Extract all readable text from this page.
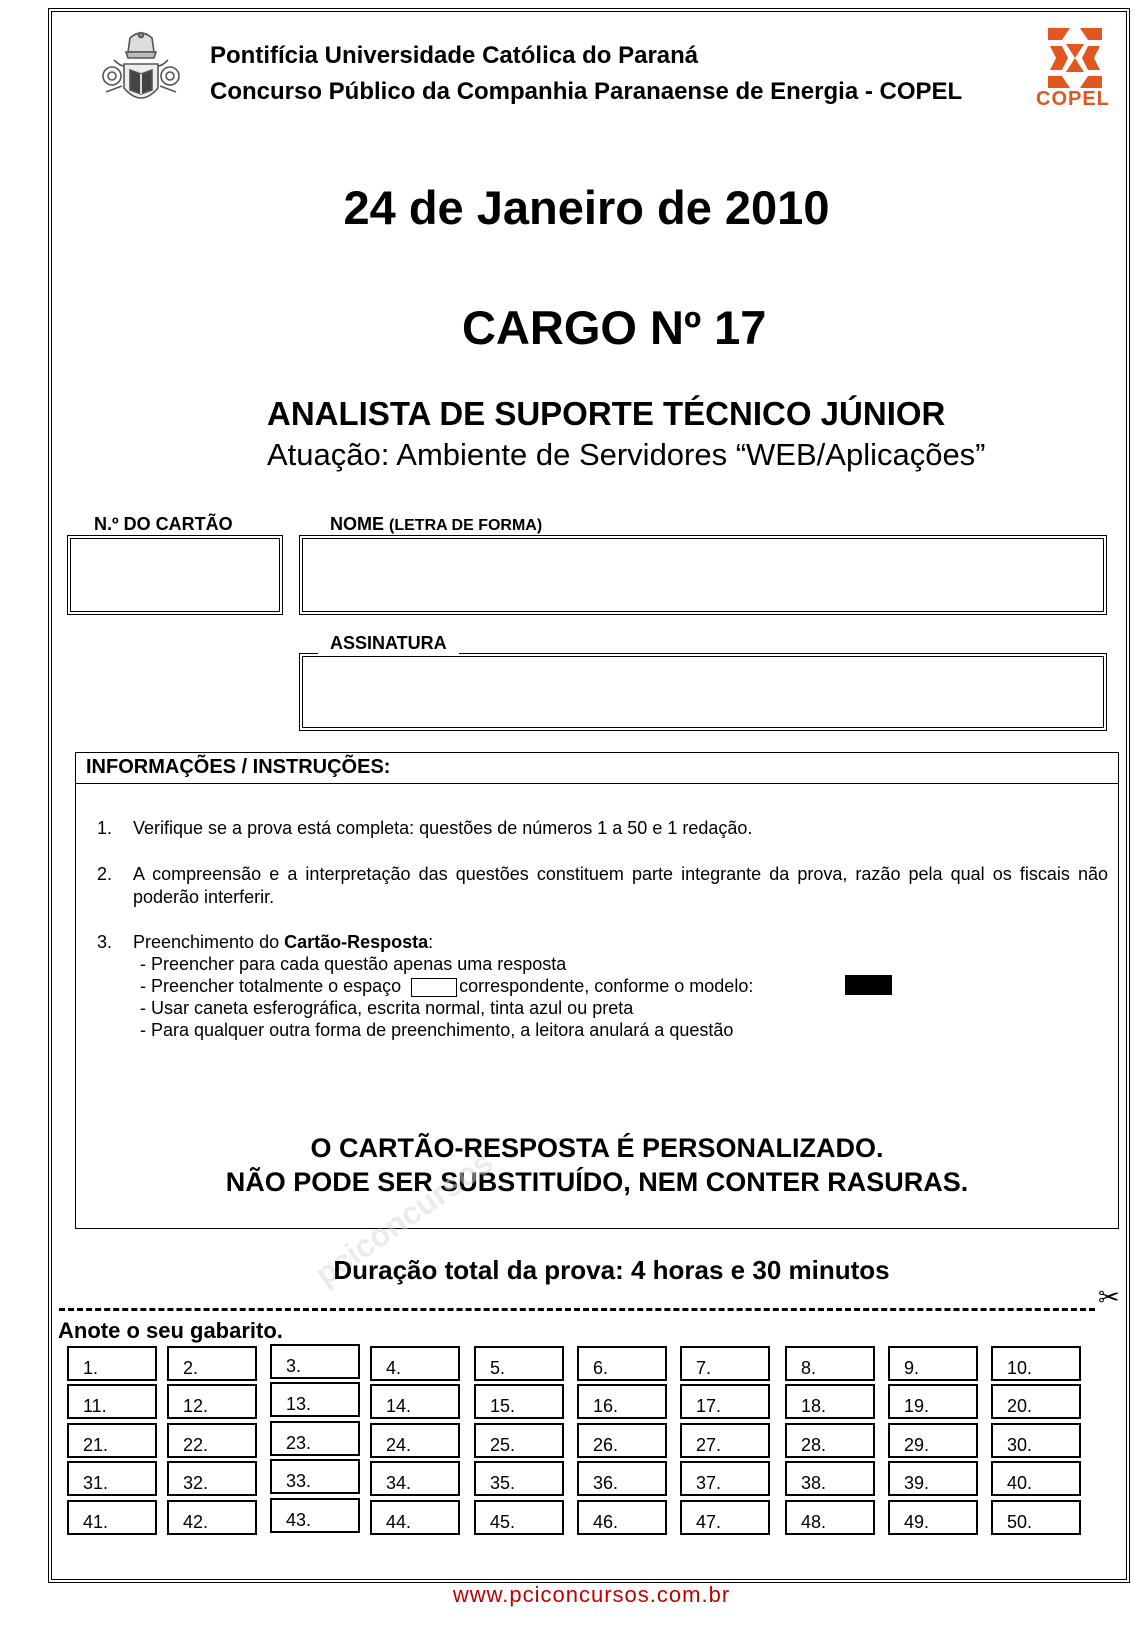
Pontifícia Universidade Católica do Paraná
Concurso Público da Companhia Paranaense de Energia - COPEL	COPEL
24 de Janeiro de 2010
CARGO Nº 17
ANALISTA DE SUPORTE TÉCNICO JÚNIOR
Atuação: Ambiente de Servidores “WEB/Aplicações”
N.º DO CARTÃO	NOME (LETRA DE FORMA)
ASSINATURA
INFORMAÇÕES / INSTRUÇÕES:
1. Verifique se a prova está completa: questões de números 1 a 50 e 1 redação.
2. A compreensão e a interpretação das questões constituem parte integrante da prova, razão pela qual os fiscais não poderão interferir.
3. Preenchimento do Cartão-Resposta:
- Preencher para cada questão apenas uma resposta
- Preencher totalmente o espaço	correspondente, conforme o modelo:
- Usar caneta esferográfica, escrita normal, tinta azul ou preta
- Para qualquer outra forma de preenchimento, a leitora anulará a questão
O CARTÃO-RESPOSTA É PERSONALIZADO.
NÃO PODE SER SUBSTITUÍDO, NEM CONTER RASURAS.
pciconcursos
Duração total da prova: 4 horas e 30 minutos
✂
Anote o seu gabarito.
1.	2.	3.	4.	5.	6.	7.	8.	9.	10.
11.	12.	13.	14.	15.	16.	17.	18.	19.	20.
21.	22.	23.	24.	25.	26.	27.	28.	29.	30.
31.	32.	33.	34.	35.	36.	37.	38.	39.	40.
41.	42.	43.	44.	45.	46.	47.	48.	49.	50.
www.pciconcursos.com.br
